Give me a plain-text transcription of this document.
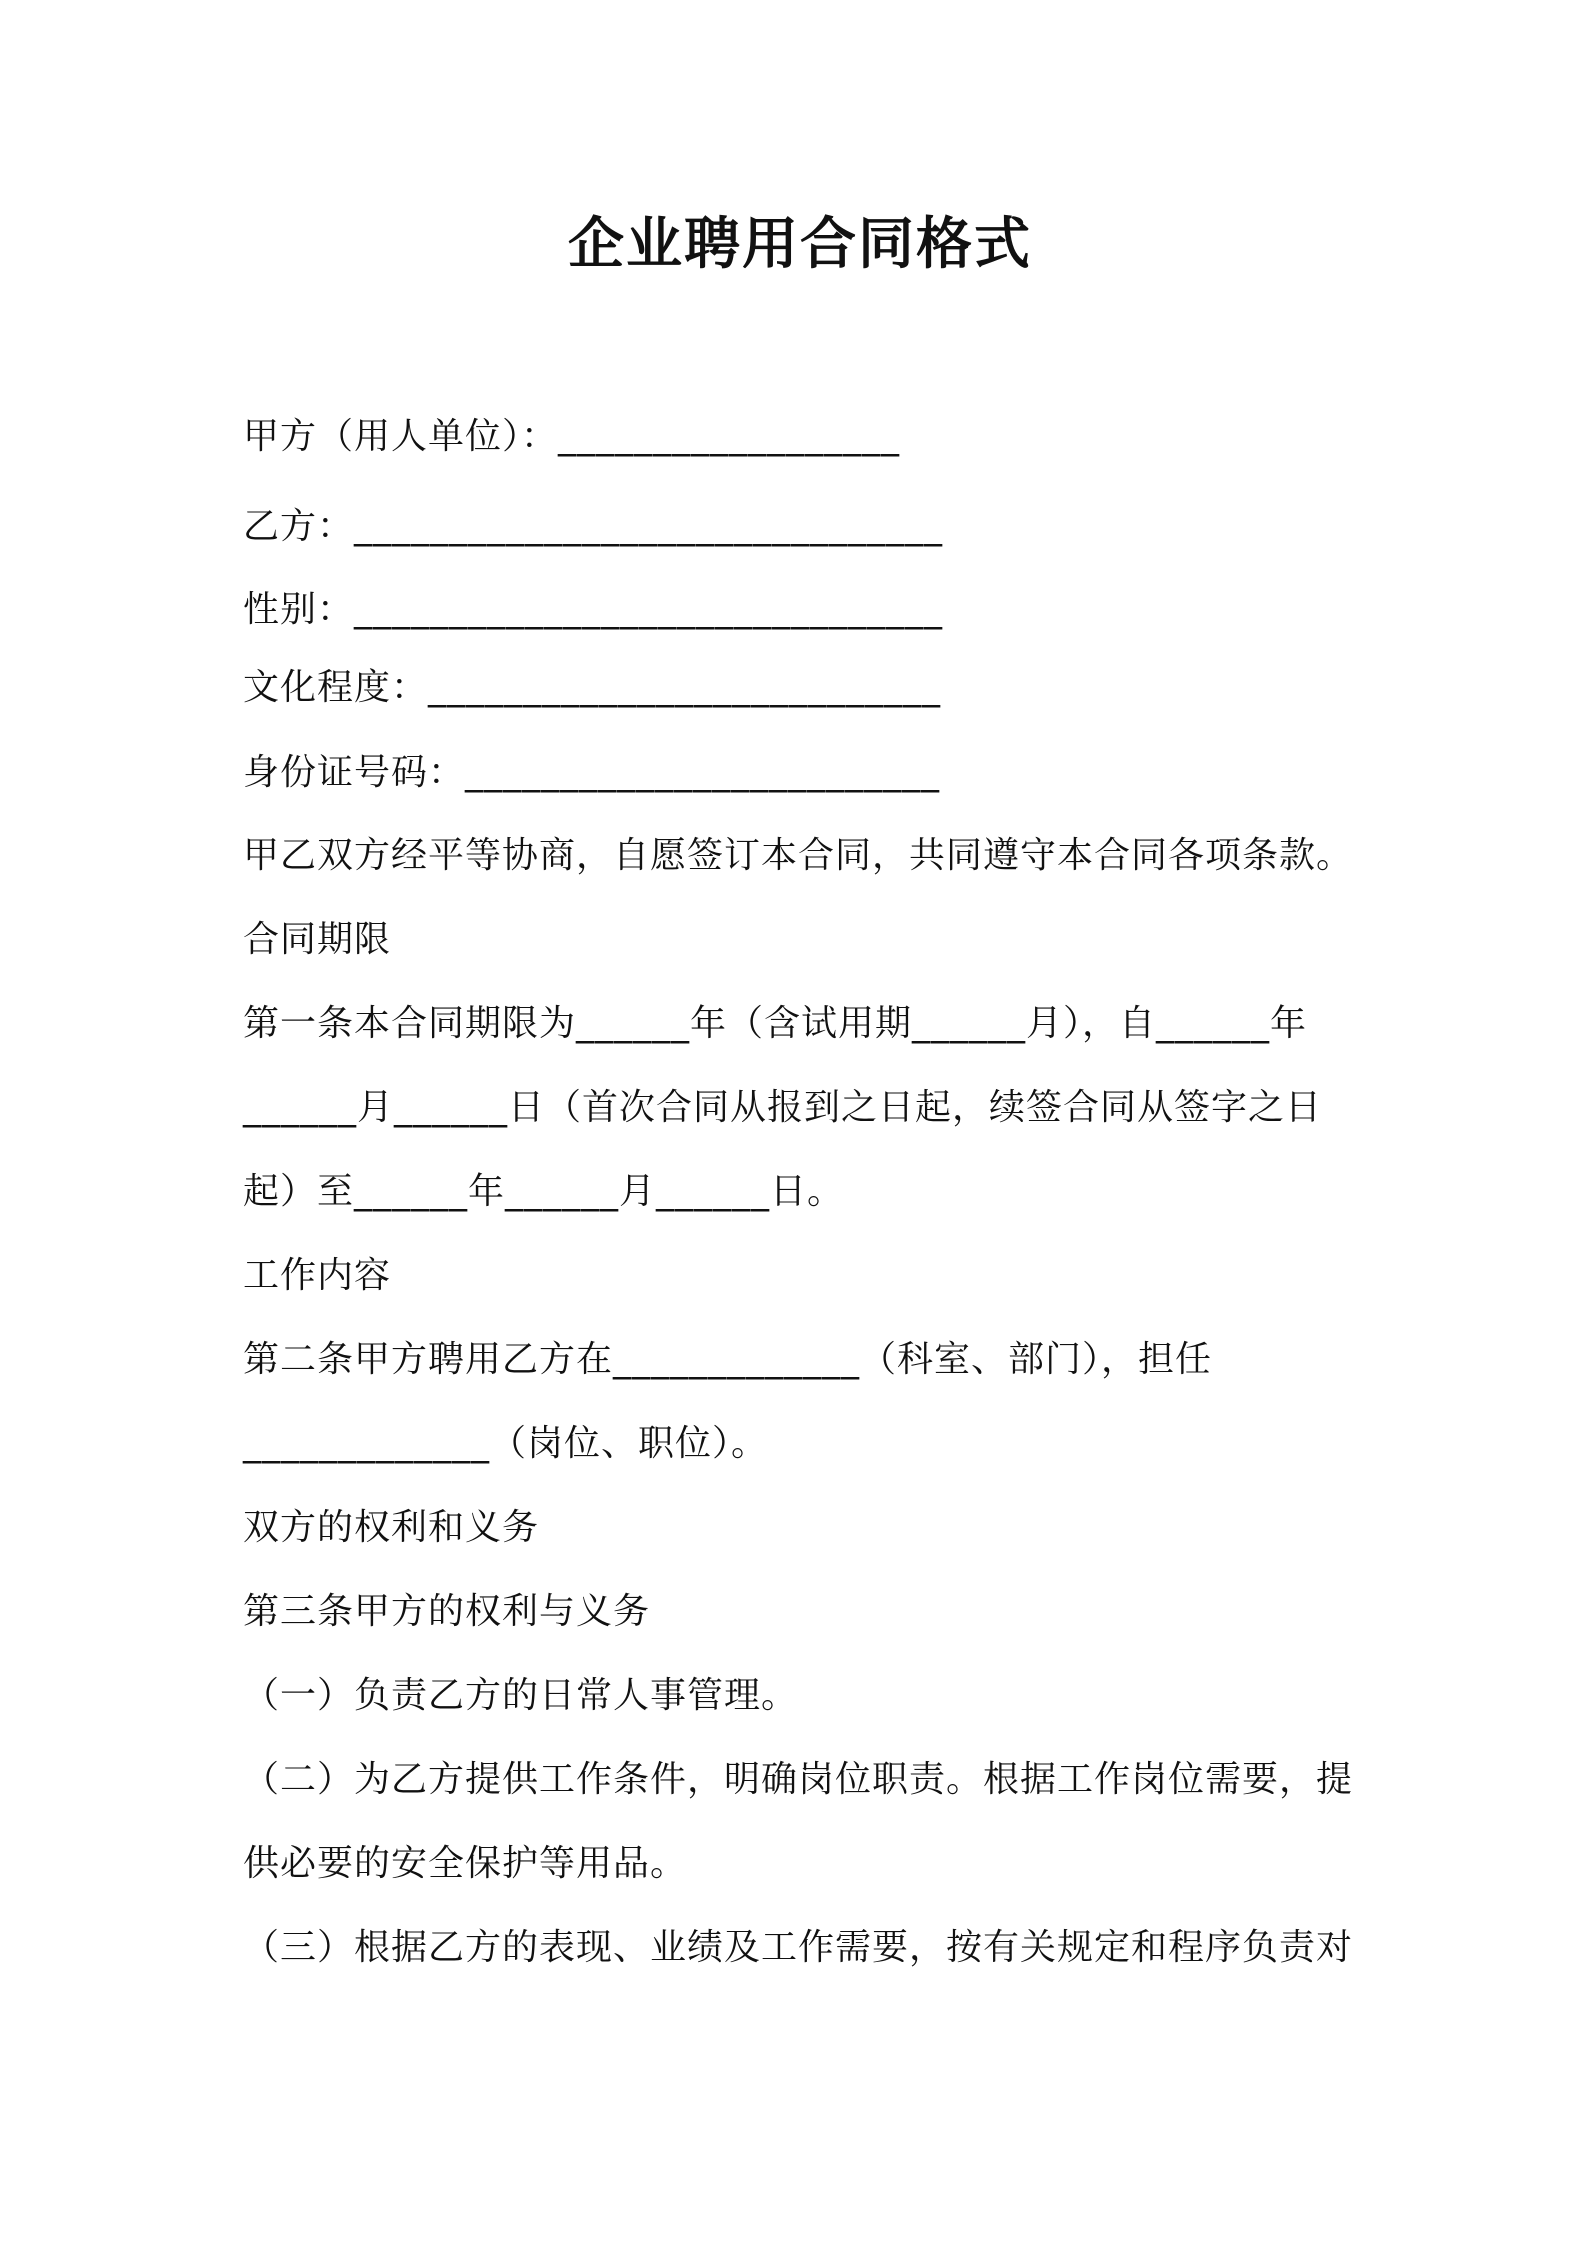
企业聘用合同格式
甲方（用人单位）：__________________
乙方：_______________________________
性别：_______________________________
文化程度：___________________________
身份证号码：_________________________
甲乙双方经平等协商，自愿签订本合同，共同遵守本合同各项条款。
合同期限
第一条本合同期限为______年（含试用期______月），自______年
______月______日（首次合同从报到之日起，续签合同从签字之日
起）至______年______月______日。
工作内容
第二条甲方聘用乙方在_____________（科室、部门），担任
_____________（岗位、职位）。
双方的权利和义务
第三条甲方的权利与义务
（一）负责乙方的日常人事管理。
（二）为乙方提供工作条件，明确岗位职责。根据工作岗位需要，提
供必要的安全保护等用品。
（三）根据乙方的表现、业绩及工作需要，按有关规定和程序负责对
